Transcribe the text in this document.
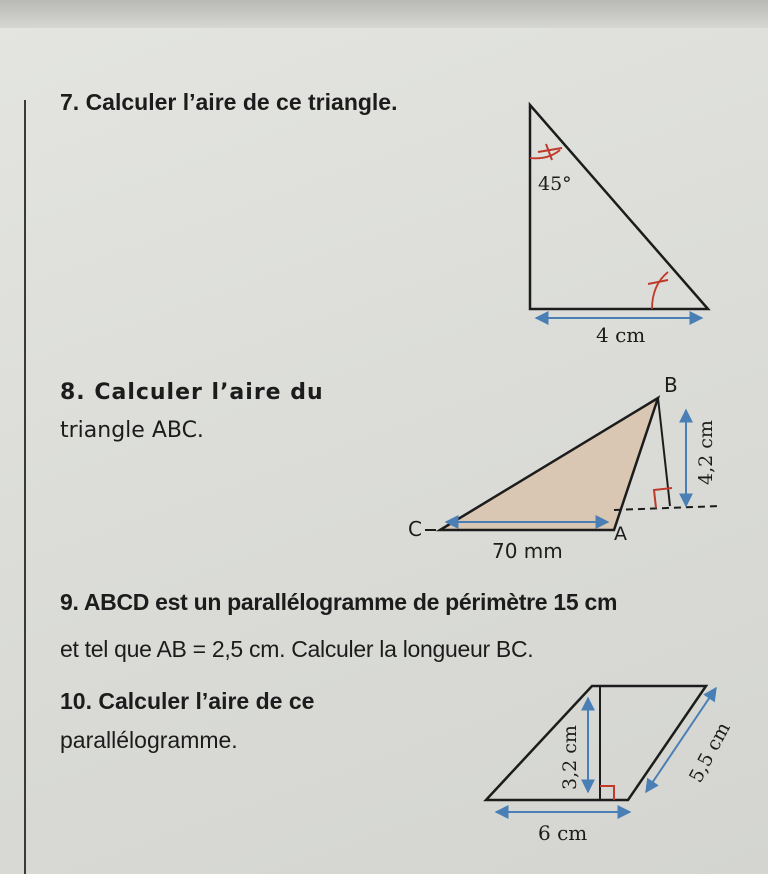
7. Calculer l’aire de ce triangle.

45°
4 cm

8. Calculer l’aire du

triangle ABC.	4,2 cm
B
C	A
70 mm

9. ABCD est un parallélogramme de périmètre 15 cm

et tel que AB = 2,5 cm. Calculer la longueur BC.

10. Calculer l’aire de ce

parallélogramme.	3,2 cm	5,5 cm
6 cm
